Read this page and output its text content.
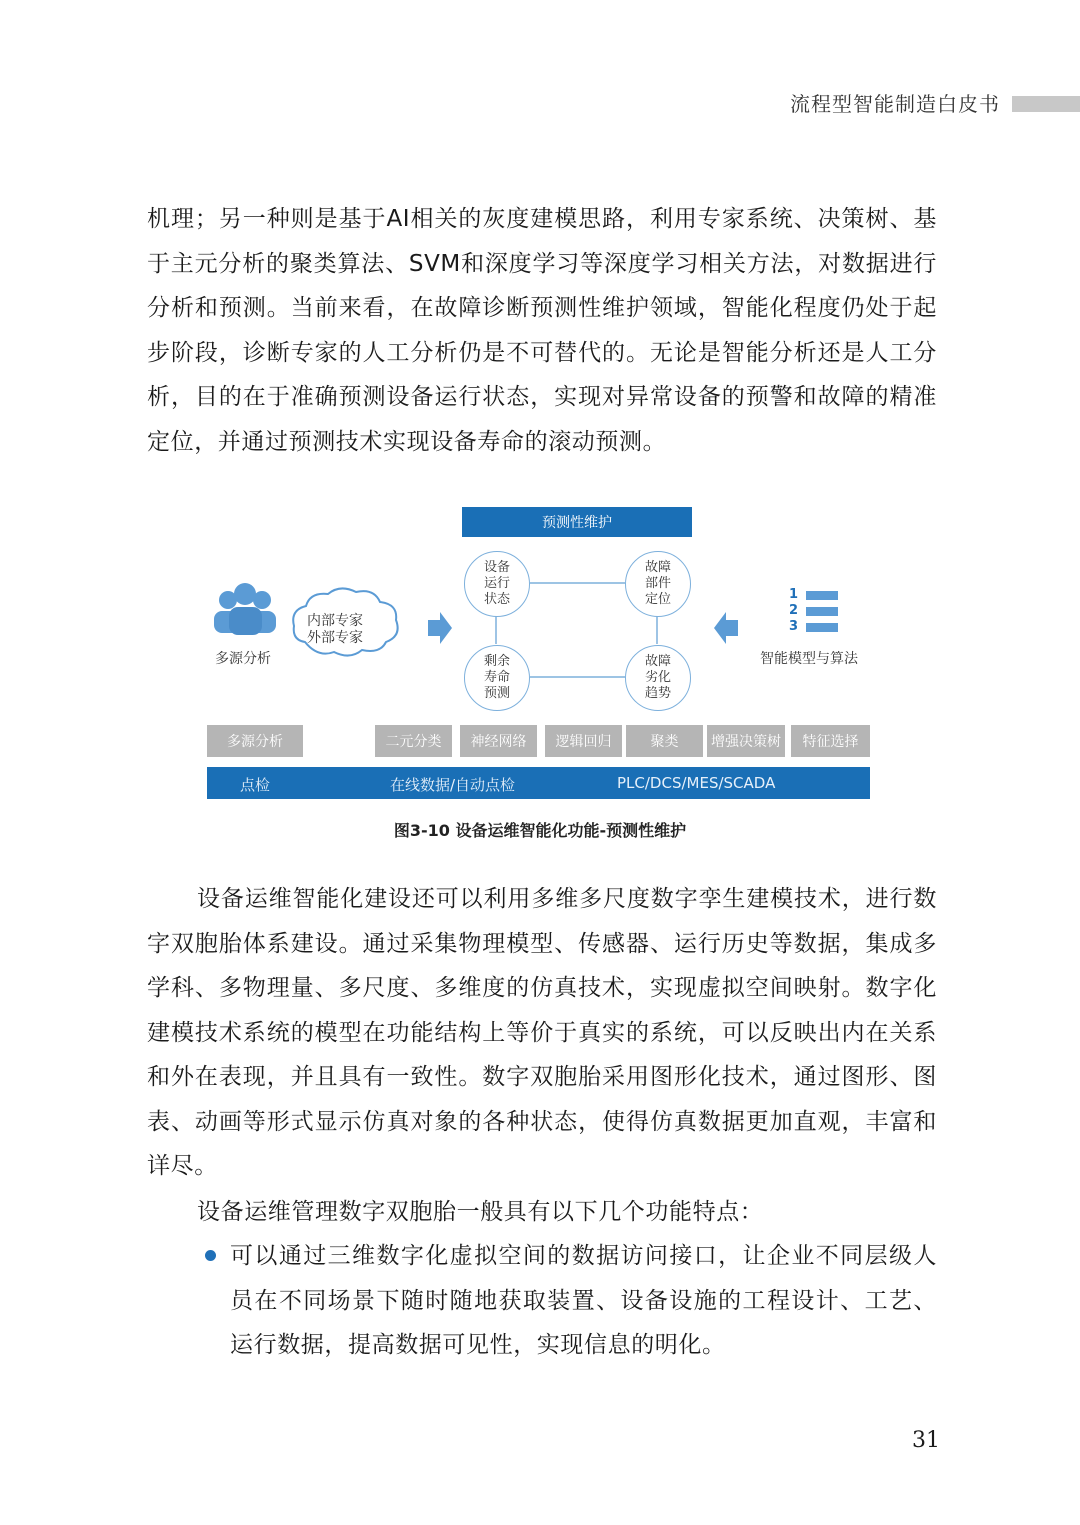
流程型智能制造白皮书

机理；另一种则是基于AI相关的灰度建模思路，利用专家系统、决策树、基于主元分析的聚类算法、SVM和深度学习等深度学习相关方法，对数据进行分析和预测。当前来看，在故障诊断预测性维护领域，智能化程度仍处于起步阶段，诊断专家的人工分析仍是不可替代的。无论是智能分析还是人工分析，目的在于准确预测设备运行状态，实现对异常设备的预警和故障的精准定位，并通过预测技术实现设备寿命的滚动预测。

预测性维护
设备运行状态
故障部件定位
剩余寿命预测
故障劣化趋势
内部专家
外部专家
多源分析	智能模型与算法
1
2
3
多源分析	二元分类	神经网络	逻辑回归	聚类	增强决策树	特征选择
点检	在线数据/自动点检	PLC/DCS/MES/SCADA
图3-10 设备运维智能化功能-预测性维护

设备运维智能化建设还可以利用多维多尺度数字孪生建模技术，进行数字双胞胎体系建设。通过采集物理模型、传感器、运行历史等数据，集成多学科、多物理量、多尺度、多维度的仿真技术，实现虚拟空间映射。数字化建模技术系统的模型在功能结构上等价于真实的系统，可以反映出内在关系和外在表现，并且具有一致性。数字双胞胎采用图形化技术，通过图形、图表、动画等形式显示仿真对象的各种状态，使得仿真数据更加直观，丰富和详尽。

设备运维管理数字双胞胎一般具有以下几个功能特点：

可以通过三维数字化虚拟空间的数据访问接口，让企业不同层级人员在不同场景下随时随地获取装置、设备设施的工程设计、工艺、运行数据，提高数据可见性，实现信息的明化。

31
